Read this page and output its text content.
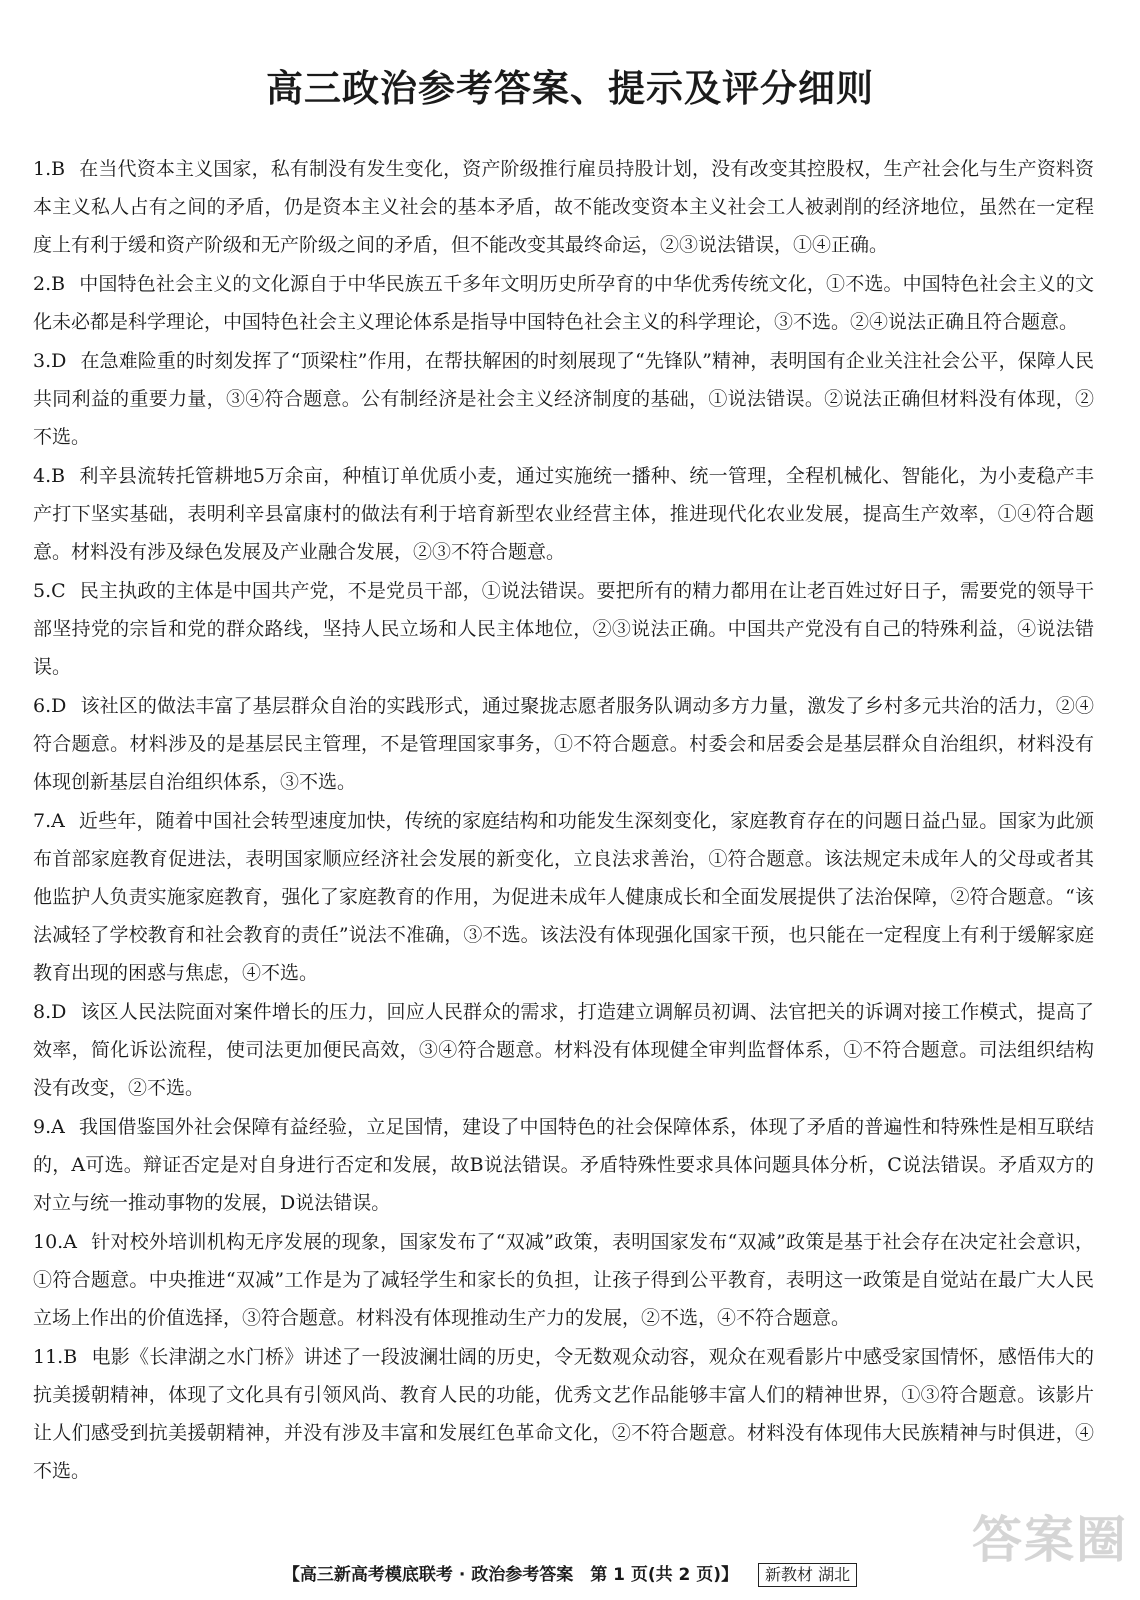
高三政治参考答案、提示及评分细则

1.B 在当代资本主义国家，私有制没有发生变化，资产阶级推行雇员持股计划，没有改变其控股权，生产社会化与生产资料资本主义私人占有之间的矛盾，仍是资本主义社会的基本矛盾，故不能改变资本主义社会工人被剥削的经济地位，虽然在一定程度上有利于缓和资产阶级和无产阶级之间的矛盾，但不能改变其最终命运，②③说法错误，①④正确。

2.B 中国特色社会主义的文化源自于中华民族五千多年文明历史所孕育的中华优秀传统文化，①不选。中国特色社会主义的文化未必都是科学理论，中国特色社会主义理论体系是指导中国特色社会主义的科学理论，③不选。②④说法正确且符合题意。

3.D 在急难险重的时刻发挥了“顶梁柱”作用，在帮扶解困的时刻展现了“先锋队”精神，表明国有企业关注社会公平，保障人民共同利益的重要力量，③④符合题意。公有制经济是社会主义经济制度的基础，①说法错误。②说法正确但材料没有体现，②不选。

4.B 利辛县流转托管耕地5万余亩，种植订单优质小麦，通过实施统一播种、统一管理，全程机械化、智能化，为小麦稳产丰产打下坚实基础，表明利辛县富康村的做法有利于培育新型农业经营主体，推进现代化农业发展，提高生产效率，①④符合题意。材料没有涉及绿色发展及产业融合发展，②③不符合题意。

5.C 民主执政的主体是中国共产党，不是党员干部，①说法错误。要把所有的精力都用在让老百姓过好日子，需要党的领导干部坚持党的宗旨和党的群众路线，坚持人民立场和人民主体地位，②③说法正确。中国共产党没有自己的特殊利益，④说法错误。

6.D 该社区的做法丰富了基层群众自治的实践形式，通过聚拢志愿者服务队调动多方力量，激发了乡村多元共治的活力，②④符合题意。材料涉及的是基层民主管理，不是管理国家事务，①不符合题意。村委会和居委会是基层群众自治组织，材料没有体现创新基层自治组织体系，③不选。

7.A 近些年，随着中国社会转型速度加快，传统的家庭结构和功能发生深刻变化，家庭教育存在的问题日益凸显。国家为此颁布首部家庭教育促进法，表明国家顺应经济社会发展的新变化，立良法求善治，①符合题意。该法规定未成年人的父母或者其他监护人负责实施家庭教育，强化了家庭教育的作用，为促进未成年人健康成长和全面发展提供了法治保障，②符合题意。“该法减轻了学校教育和社会教育的责任”说法不准确，③不选。该法没有体现强化国家干预，也只能在一定程度上有利于缓解家庭教育出现的困惑与焦虑，④不选。

8.D 该区人民法院面对案件增长的压力，回应人民群众的需求，打造建立调解员初调、法官把关的诉调对接工作模式，提高了效率，简化诉讼流程，使司法更加便民高效，③④符合题意。材料没有体现健全审判监督体系，①不符合题意。司法组织结构没有改变，②不选。

9.A 我国借鉴国外社会保障有益经验，立足国情，建设了中国特色的社会保障体系，体现了矛盾的普遍性和特殊性是相互联结的，A可选。辩证否定是对自身进行否定和发展，故B说法错误。矛盾特殊性要求具体问题具体分析，C说法错误。矛盾双方的对立与统一推动事物的发展，D说法错误。

10.A 针对校外培训机构无序发展的现象，国家发布了“双减”政策，表明国家发布“双减”政策是基于社会存在决定社会意识，①符合题意。中央推进“双减”工作是为了减轻学生和家长的负担，让孩子得到公平教育，表明这一政策是自觉站在最广大人民立场上作出的价值选择，③符合题意。材料没有体现推动生产力的发展，②不选，④不符合题意。

11.B 电影《长津湖之水门桥》讲述了一段波澜壮阔的历史，令无数观众动容，观众在观看影片中感受家国情怀，感悟伟大的抗美援朝精神，体现了文化具有引领风尚、教育人民的功能，优秀文艺作品能够丰富人们的精神世界，①③符合题意。该影片让人们感受到抗美援朝精神，并没有涉及丰富和发展红色革命文化，②不符合题意。材料没有体现伟大民族精神与时俱进，④不选。

答案圈
【高三新高考模底联考 · 政治参考答案　第 1 页(共 2 页)】 新教材 湖北
